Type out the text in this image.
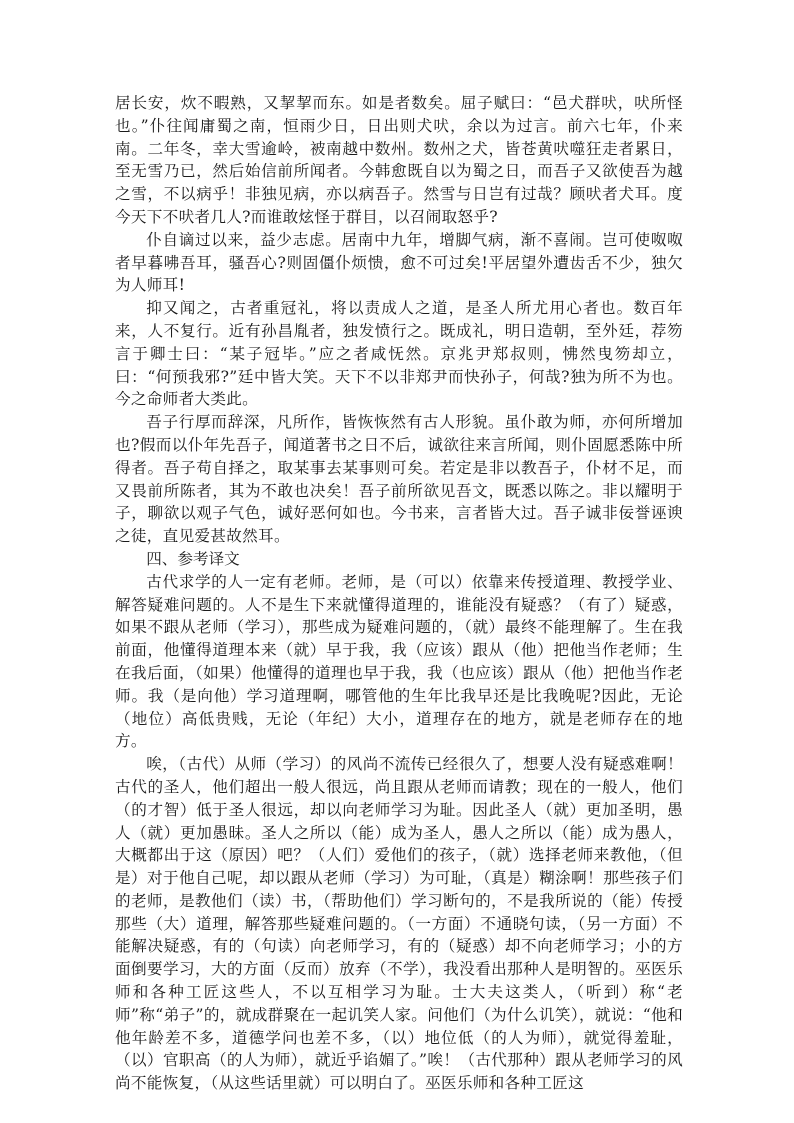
居长安，炊不暇熟，又挈挈而东。如是者数矣。屈子赋曰：“邑犬群吠，吠所怪也。”仆往闻庸蜀之南，恒雨少日，日出则犬吠，余以为过言。前六七年，仆来南。二年冬，幸大雪逾岭，被南越中数州。数州之犬，皆苍黄吠噬狂走者累日，至无雪乃已，然后始信前所闻者。今韩愈既自以为蜀之日，而吾子又欲使吾为越之雪，不以病乎！非独见病，亦以病吾子。然雪与日岂有过哉？顾吠者犬耳。度今天下不吠者几人?而谁敢炫怪于群目，以召闹取怒乎?

仆自谪过以来，益少志虑。居南中九年，增脚气病，渐不喜闹。岂可使呶呶者早暮咈吾耳，骚吾心?则固僵仆烦愦，愈不可过矣!平居望外遭齿舌不少，独欠为人师耳!

抑又闻之，古者重冠礼，将以责成人之道，是圣人所尤用心者也。数百年来，人不复行。近有孙昌胤者，独发愤行之。既成礼，明日造朝，至外廷，荐笏言于卿士曰：“某子冠毕。”应之者咸怃然。京兆尹郑叔则，怫然曳笏却立，曰：“何预我邪?”廷中皆大笑。天下不以非郑尹而快孙子，何哉?独为所不为也。今之命师者大类此。

吾子行厚而辞深，凡所作，皆恢恢然有古人形貌。虽仆敢为师，亦何所增加也?假而以仆年先吾子，闻道著书之日不后，诚欲往来言所闻，则仆固愿悉陈中所得者。吾子苟自择之，取某事去某事则可矣。若定是非以教吾子，仆材不足，而又畏前所陈者，其为不敢也决矣！吾子前所欲见吾文，既悉以陈之。非以耀明于子，聊欲以观子气色，诚好恶何如也。今书来，言者皆大过。吾子诚非佞誉诬谀之徒，直见爱甚故然耳。

四、参考译文

古代求学的人一定有老师。老师，是（可以）依靠来传授道理、教授学业、解答疑难问题的。人不是生下来就懂得道理的，谁能没有疑惑？（有了）疑惑，如果不跟从老师（学习），那些成为疑难问题的，（就）最终不能理解了。生在我前面，他懂得道理本来（就）早于我，我（应该）跟从（他）把他当作老师；生在我后面，（如果）他懂得的道理也早于我，我（也应该）跟从（他）把他当作老师。我（是向他）学习道理啊，哪管他的生年比我早还是比我晚呢?因此，无论（地位）高低贵贱，无论（年纪）大小，道理存在的地方，就是老师存在的地方。

唉，（古代）从师（学习）的风尚不流传已经很久了，想要人没有疑惑难啊！古代的圣人，他们超出一般人很远，尚且跟从老师而请教；现在的一般人，他们（的才智）低于圣人很远，却以向老师学习为耻。因此圣人（就）更加圣明，愚人（就）更加愚昧。圣人之所以（能）成为圣人，愚人之所以（能）成为愚人，大概都出于这（原因）吧？（人们）爱他们的孩子，（就）选择老师来教他，（但是）对于他自己呢，却以跟从老师（学习）为可耻，（真是）糊涂啊！那些孩子们的老师，是教他们（读）书，（帮助他们）学习断句的，不是我所说的（能）传授那些（大）道理，解答那些疑难问题的。（一方面）不通晓句读，（另一方面）不能解决疑惑，有的（句读）向老师学习，有的（疑惑）却不向老师学习；小的方面倒要学习，大的方面（反而）放弃（不学），我没看出那种人是明智的。巫医乐师和各种工匠这些人，不以互相学习为耻。士大夫这类人，（听到）称“老师”称“弟子”的，就成群聚在一起讥笑人家。问他们（为什么讥笑），就说：“他和他年龄差不多，道德学问也差不多，（以）地位低（的人为师），就觉得羞耻，（以）官职高（的人为师），就近乎谄媚了。”唉！（古代那种）跟从老师学习的风尚不能恢复，（从这些话里就）可以明白了。巫医乐师和各种工匠这
